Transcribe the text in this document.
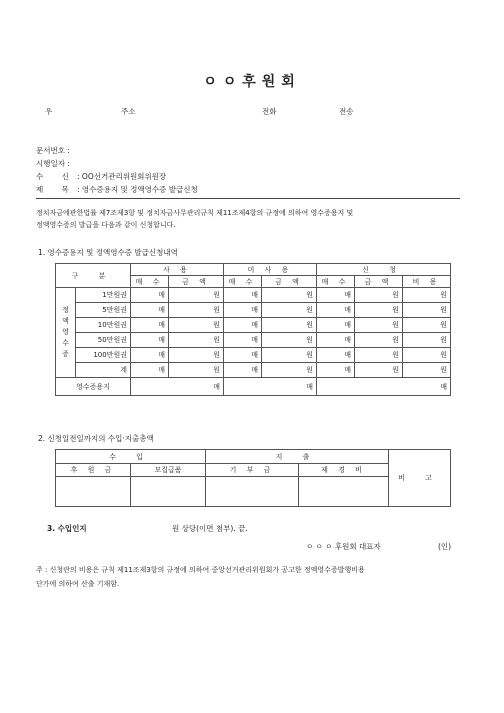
ㅇㅇ후원회
우	주소	전화	전송
문서번호 :
시행일자 :
수 신 : OO선거관리위원회위원장
제 목 : 영수증용지 및 정액영수증 발급신청
정치자금에관한법률 제7조제3항 및 정치자금사무관리규칙 제11조제4항의 규정에 의하여 영수증용지 및
정액영수증의 발급을 다음과 같이 신청합니다.
1. 영수증용지 및 정액영수증 발급신청내역
구 분		사 용		미 사 용		신 청		
		매 수	금 액	매 수	금 액	매 수	금 액	비 용
정액영수증	1만원권	매	원	매	원	매	원	원
	5만원권	매	원	매	원	매	원	원
	10만원권	매	원	매	원	매	원	원
	50만원권	매	원	매	원	매	원	원
	100만원권	매	원	매	원	매	원	원
	계	매	원	매	원	매	원	원
영수증용지		매		매		매		
2. 신청일전일까지의 수입·지출총액
수 입		지 출		비 고
후 원 금	모집급품	기 부 금	제 경 비	

3. 수입인지	원 상당(이면 첨부). 끝.
ㅇ ㅇ ㅇ 후원회 대표자	(인)
주 : 신청란의 비용은 규칙 제11조제3항의 규정에 의하여 중앙선거관리위원회가 공고한 정액영수증발행비용
단가에 의하여 산출 기재함.
